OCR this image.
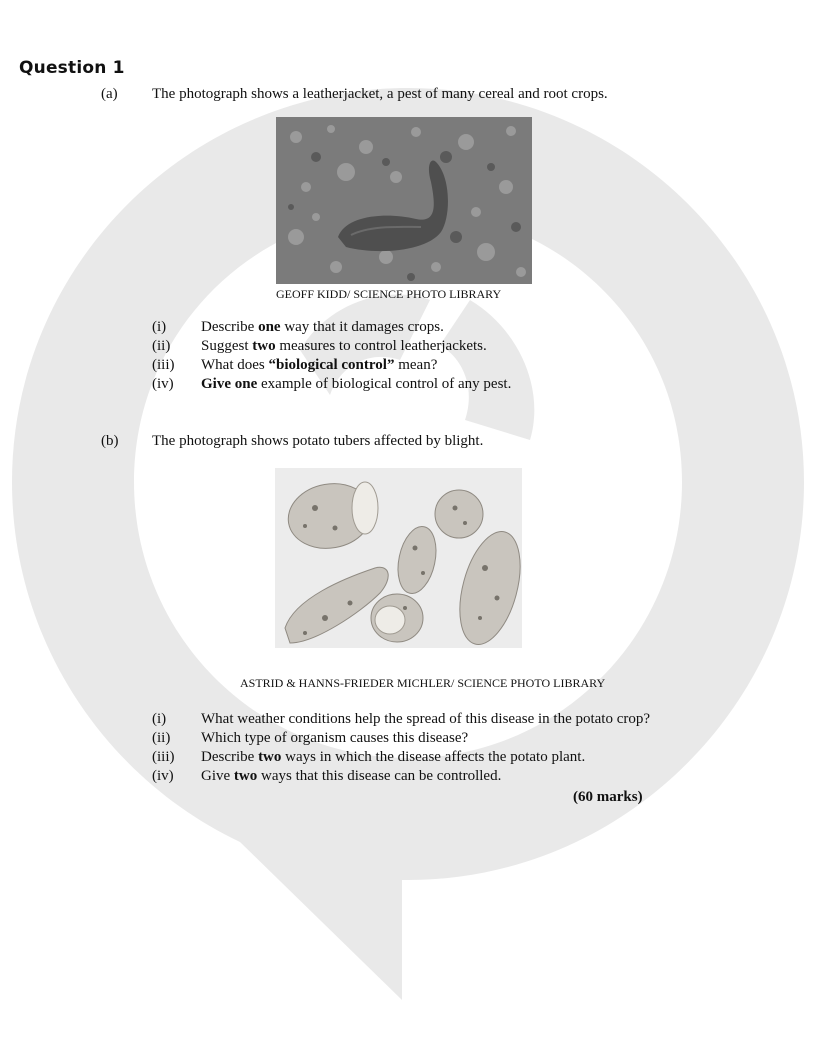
Question 1
(a) The photograph shows a leatherjacket, a pest of many cereal and root crops.
GEOFF KIDD/ SCIENCE PHOTO LIBRARY
(i) Describe one way that it damages crops.
(ii) Suggest two measures to control leatherjackets.
(iii) What does “biological control” mean?
(iv) Give one example of biological control of any pest.
(b) The photograph shows potato tubers affected by blight.
ASTRID & HANNS-FRIEDER MICHLER/ SCIENCE PHOTO LIBRARY
(i) What weather conditions help the spread of this disease in the potato crop?
(ii) Which type of organism causes this disease?
(iii) Describe two ways in which the disease affects the potato plant.
(iv) Give two ways that this disease can be controlled.
(60 marks)
